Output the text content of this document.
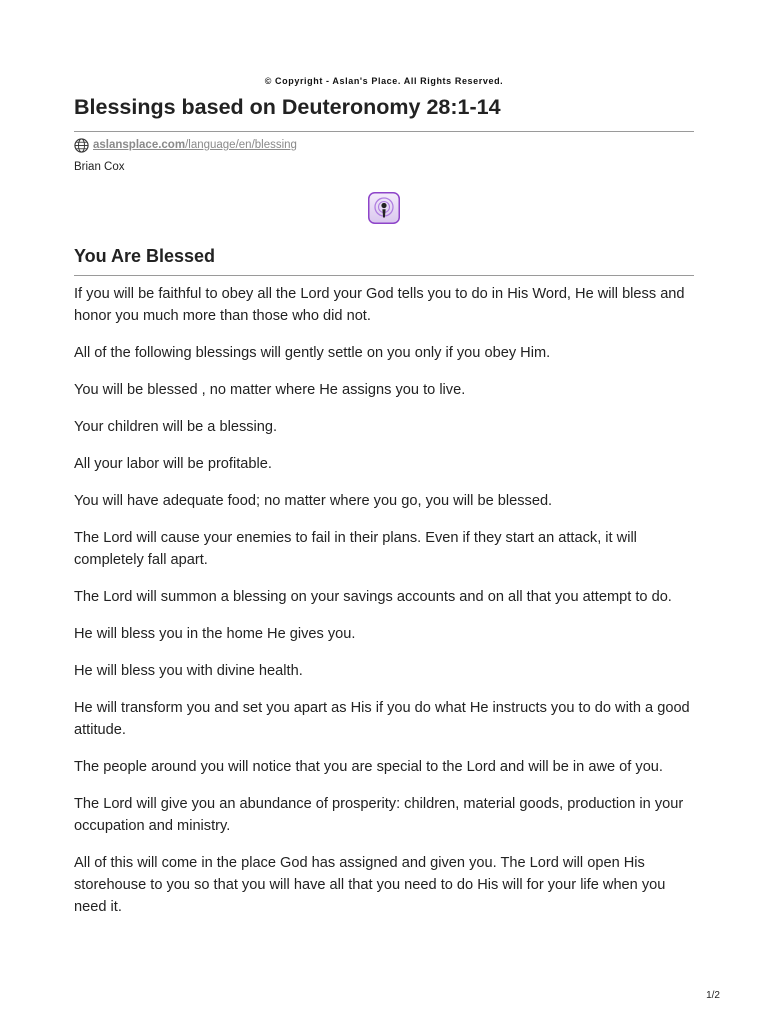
© Copyright - Aslan's Place. All Rights Reserved.
Blessings based on Deuteronomy 28:1-14
aslansplace.com /language/en/blessing
Brian Cox
You Are Blessed

If you will be faithful to obey all the Lord your God tells you to do in His Word, He will bless and honor you much more than those who did not.

All of the following blessings will gently settle on you only if you obey Him.

You will be blessed , no matter where He assigns you to live.

Your children will be a blessing.

All your labor will be profitable.

You will have adequate food; no matter where you go, you will be blessed.

The Lord will cause your enemies to fail in their plans. Even if they start an attack, it will completely fall apart.

The Lord will summon a blessing on your savings accounts and on all that you attempt to do.

He will bless you in the home He gives you.

He will bless you with divine health.

He will transform you and set you apart as His if you do what He instructs you to do with a good attitude.

The people around you will notice that you are special to the Lord and will be in awe of you.

The Lord will give you an abundance of prosperity: children, material goods, production in your occupation and ministry.

All of this will come in the place God has assigned and given you. The Lord will open His storehouse to you so that you will have all that you need to do His will for your life when you need it.

1/2
